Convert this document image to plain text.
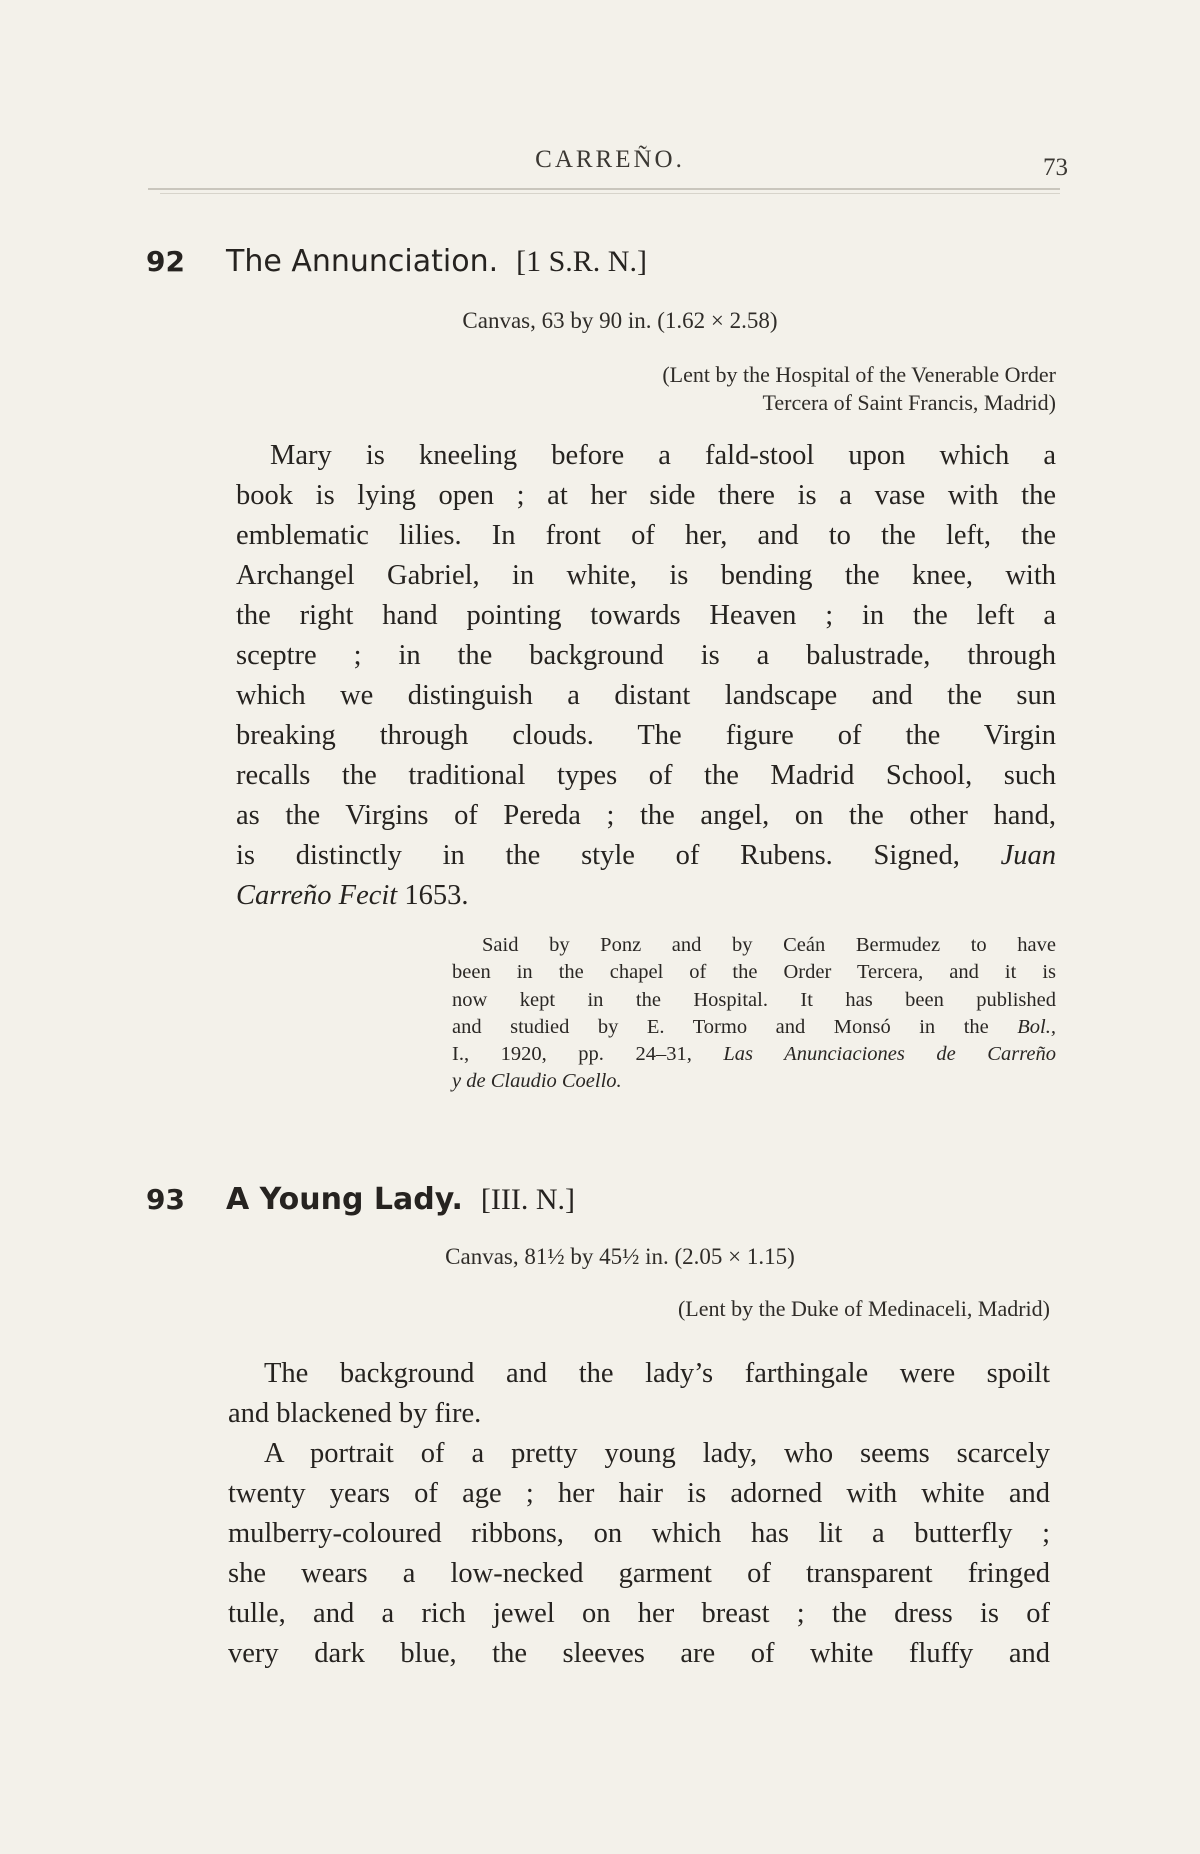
CARREÑO.	73
92 The Annunciation. [1 S.R. N.]
Canvas, 63 by 90 in. (1.62 × 2.58)
(Lent by the Hospital of the Venerable Order
Tercera of Saint Francis, Madrid)
Mary is kneeling before a fald-stool upon which a
book is lying open ; at her side there is a vase with the
emblematic lilies. In front of her, and to the left, the
Archangel Gabriel, in white, is bending the knee, with
the right hand pointing towards Heaven ; in the left a
sceptre ; in the background is a balustrade, through
which we distinguish a distant landscape and the sun
breaking through clouds. The figure of the Virgin
recalls the traditional types of the Madrid School, such
as the Virgins of Pereda ; the angel, on the other hand,
is distinctly in the style of Rubens. Signed, Juan
Carreño Fecit 1653.
Said by Ponz and by Ceán Bermudez to have
been in the chapel of the Order Tercera, and it is
now kept in the Hospital. It has been published
and studied by E. Tormo and Monsó in the Bol.,
I., 1920, pp. 24–31, Las Anunciaciones de Carreño
y de Claudio Coello.
93 A Young Lady. [III. N.]
Canvas, 81½ by 45½ in. (2.05 × 1.15)
(Lent by the Duke of Medinaceli, Madrid)
The background and the lady’s farthingale were spoilt
and blackened by fire.
A portrait of a pretty young lady, who seems scarcely
twenty years of age ; her hair is adorned with white and
mulberry-coloured ribbons, on which has lit a butterfly ;
she wears a low-necked garment of transparent fringed
tulle, and a rich jewel on her breast ; the dress is of
very dark blue, the sleeves are of white fluffy and
